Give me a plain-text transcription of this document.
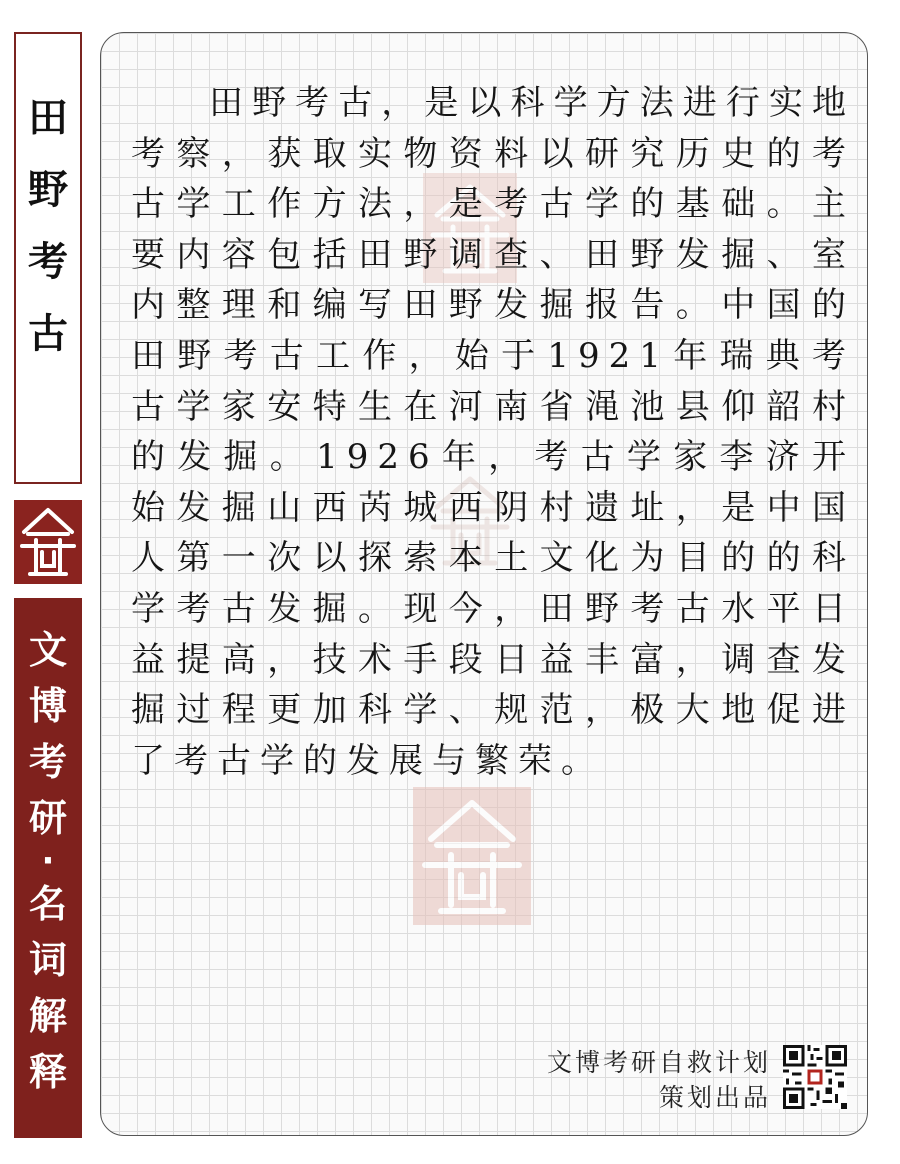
田
野
考
古
文
博
考
研
·
名
词
解
释

田野考古，是以科学方法进行实地考察，获取实物资料以研究历史的考古学工作方法，是考古学的基础。主要内容包括田野调查、田野发掘、室内整理和编写田野发掘报告。中国的田野考古工作，始于1921年瑞典考古学家安特生在河南省渑池县仰韶村的发掘。1926年，考古学家李济开始发掘山西芮城西阴村遗址，是中国人第一次以探索本土文化为目的的科学考古发掘。现今，田野考古水平日益提高，技术手段日益丰富，调查发掘过程更加科学、规范，极大地促进了考古学的发展与繁荣。

文博考研自救计划
策划出品
